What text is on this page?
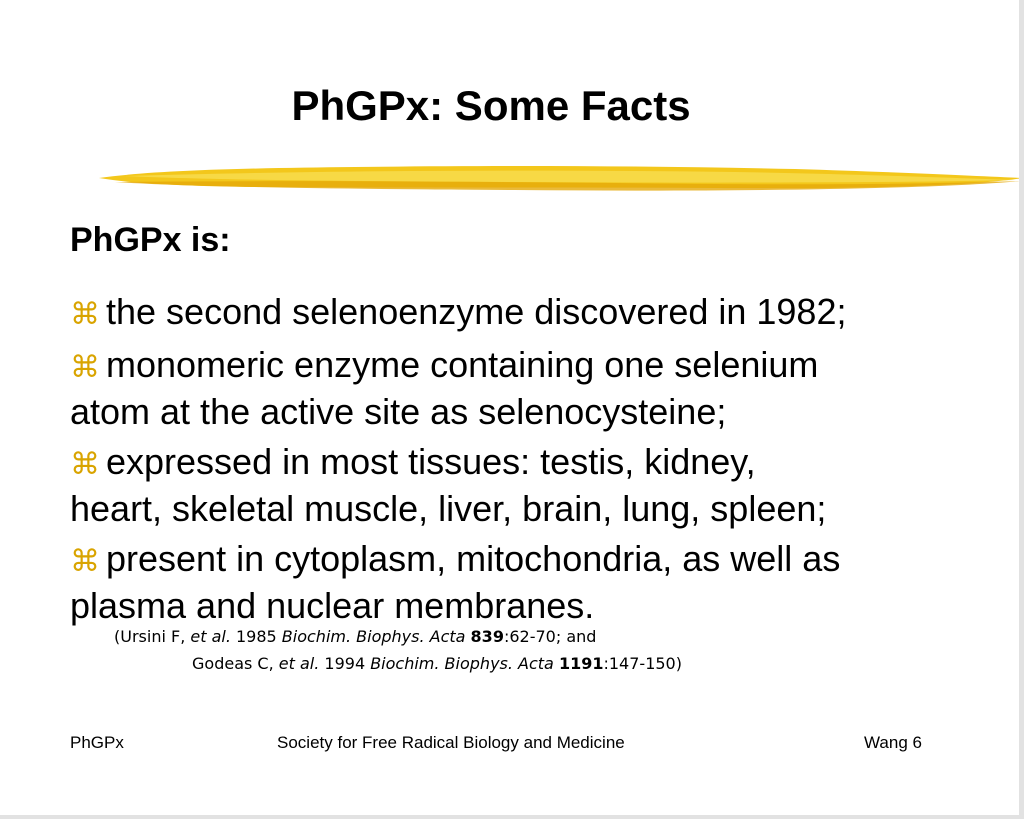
PhGPx: Some Facts
PhGPx is:
⌘ the second selenoenzyme discovered in 1982;
⌘ monomeric enzyme containing one selenium
atom at the active site as selenocysteine;
⌘ expressed in most tissues: testis, kidney,
heart, skeletal muscle, liver, brain, lung, spleen;
⌘ present in cytoplasm, mitochondria, as well as
plasma and nuclear membranes.

(Ursini F, et al. 1985 Biochim. Biophys. Acta 839:62-70; and

Godeas C, et al. 1994 Biochim. Biophys. Acta 1191:147-150)

PhGPx	Society for Free Radical Biology and Medicine	Wang 6
